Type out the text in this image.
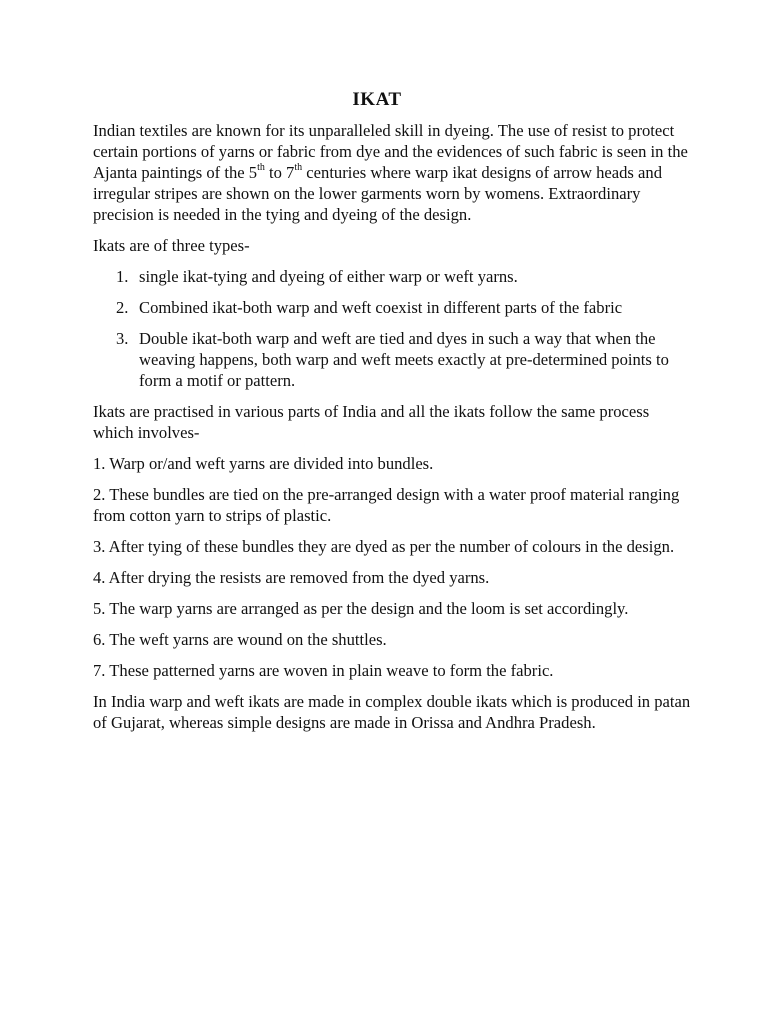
IKAT

Indian textiles are known for its unparalleled skill in dyeing. The use of resist to protect certain portions of yarns or fabric from dye and the evidences of such fabric is seen in the Ajanta paintings of the 5th to 7th centuries where warp ikat designs of arrow heads and irregular stripes are shown on the lower garments worn by womens. Extraordinary precision is needed in the tying and dyeing of the design.

Ikats are of three types-

1. single ikat-tying and dyeing of either warp or weft yarns.
2. Combined ikat-both warp and weft coexist in different parts of the fabric
3. Double ikat-both warp and weft are tied and dyes in such a way that when the weaving happens, both warp and weft meets exactly at pre-determined points to form a motif or pattern.

Ikats are practised in various parts of India and all the ikats follow the same process which involves-

1. Warp or/and weft yarns are divided into bundles.

2. These bundles are tied on the pre-arranged design with a water proof material ranging from cotton yarn to strips of plastic.

3. After tying of these bundles they are dyed as per the number of colours in the design.

4. After drying the resists are removed from the dyed yarns.

5. The warp yarns are arranged as per the design and the loom is set accordingly.

6. The weft yarns are wound on the shuttles.

7. These patterned yarns are woven in plain weave to form the fabric.

In India warp and weft ikats are made in complex double ikats which is produced in patan of Gujarat, whereas simple designs are made in Orissa and Andhra Pradesh.
